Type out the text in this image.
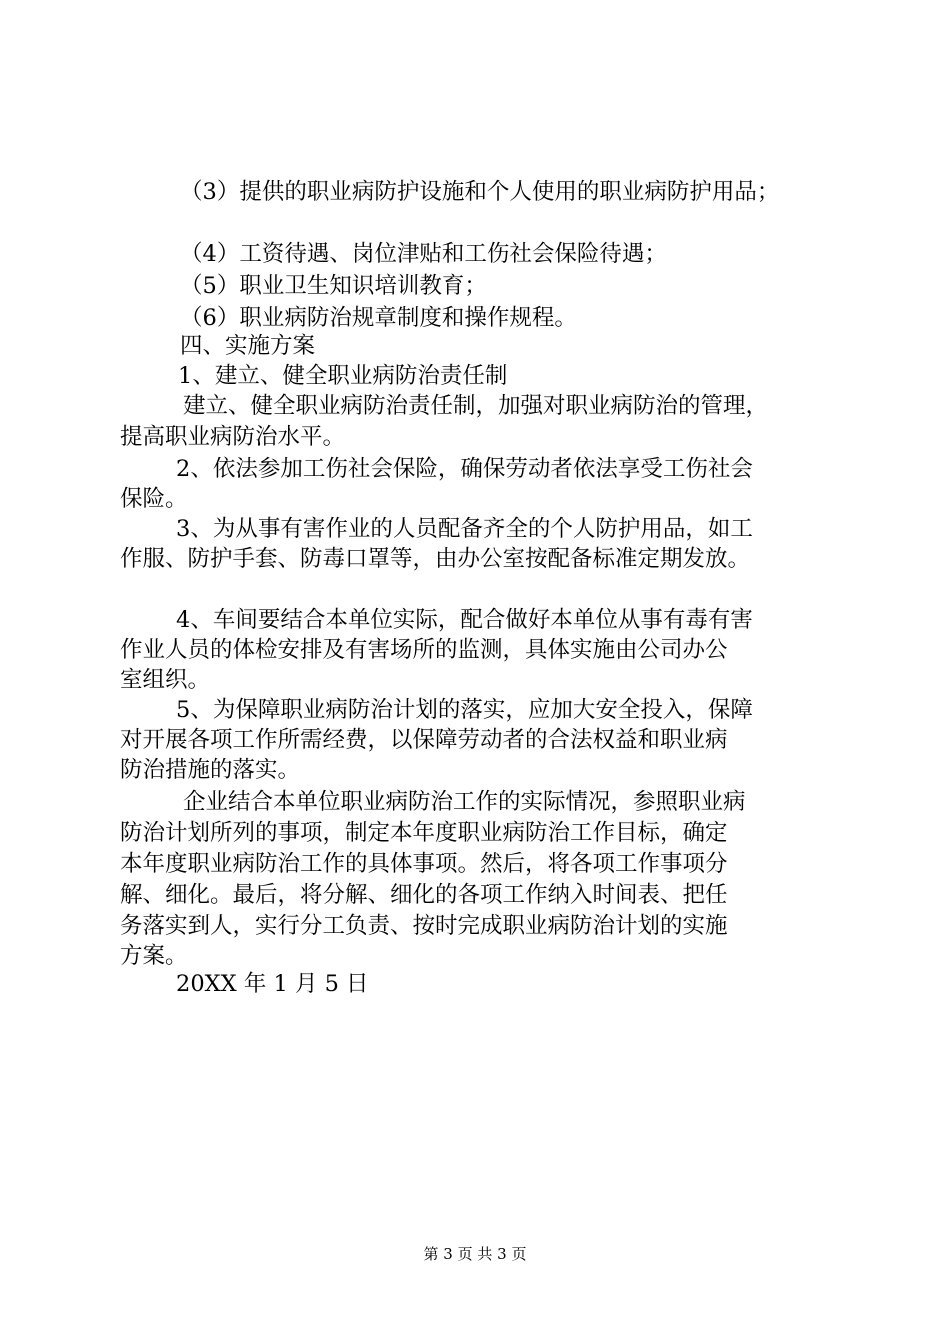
（3）提供的职业病防护设施和个人使用的职业病防护用品；
（4）工资待遇、岗位津贴和工伤社会保险待遇；
（5）职业卫生知识培训教育；
（6）职业病防治规章制度和操作规程。
四、实施方案
1、建立、健全职业病防治责任制
建立、健全职业病防治责任制，加强对职业病防治的管理，
提高职业病防治水平。
2、依法参加工伤社会保险，确保劳动者依法享受工伤社会
保险。
3、为从事有害作业的人员配备齐全的个人防护用品，如工
作服、防护手套、防毒口罩等，由办公室按配备标准定期发放。
4、车间要结合本单位实际，配合做好本单位从事有毒有害
作业人员的体检安排及有害场所的监测，具体实施由公司办公
室组织。
5、为保障职业病防治计划的落实，应加大安全投入，保障
对开展各项工作所需经费，以保障劳动者的合法权益和职业病
防治措施的落实。
企业结合本单位职业病防治工作的实际情况，参照职业病
防治计划所列的事项，制定本年度职业病防治工作目标，确定
本年度职业病防治工作的具体事项。然后，将各项工作事项分
解、细化。最后，将分解、细化的各项工作纳入时间表、把任
务落实到人，实行分工负责、按时完成职业病防治计划的实施
方案。
20XX 年 1 月 5 日
第 3 页 共 3 页
